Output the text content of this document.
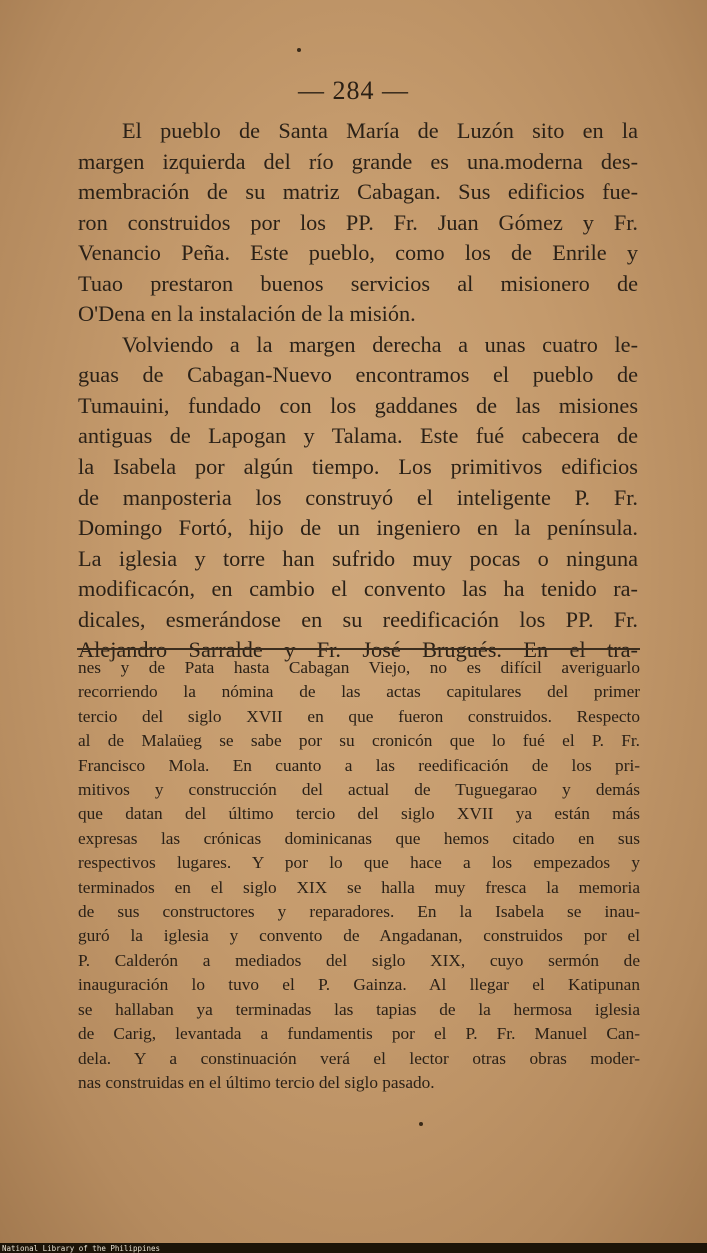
— 284 —
El pueblo de Santa María de Luzón sito en la
margen izquierda del río grande es una.moderna des-
membración de su matriz Cabagan. Sus edificios fue-
ron construidos por los PP. Fr. Juan Gómez y Fr.
Venancio Peña. Este pueblo, como los de Enrile y
Tuao prestaron buenos servicios al misionero de
O'Dena en la instalación de la misión.
Volviendo a la margen derecha a unas cuatro le-
guas de Cabagan-Nuevo encontramos el pueblo de
Tumauini, fundado con los gaddanes de las misiones
antiguas de Lapogan y Talama. Este fué cabecera de
la Isabela por algún tiempo. Los primitivos edificios
de manposteria los construyó el inteligente P. Fr.
Domingo Fortó, hijo de un ingeniero en la península.
La iglesia y torre han sufrido muy pocas o ninguna
modificacón, en cambio el convento las ha tenido ra-
dicales, esmerándose en su reedificación los PP. Fr.
Alejandro Sarralde y Fr. José Brugués. En el tra-
nes y de Pata hasta Cabagan Viejo, no es difícil averiguarlo
recorriendo la nómina de las actas capitulares del primer
tercio del siglo XVII en que fueron construidos. Respecto
al de Malaüeg se sabe por su cronicón que lo fué el P. Fr.
Francisco Mola. En cuanto a las reedificación de los pri-
mitivos y construcción del actual de Tuguegarao y demás
que datan del último tercio del siglo XVII ya están más
expresas las crónicas dominicanas que hemos citado en sus
respectivos lugares. Y por lo que hace a los empezados y
terminados en el siglo XIX se halla muy fresca la memoria
de sus constructores y reparadores. En la Isabela se inau-
guró la iglesia y convento de Angadanan, construidos por el
P. Calderón a mediados del siglo XIX, cuyo sermón de
inauguración lo tuvo el P. Gainza. Al llegar el Katipunan
se hallaban ya terminadas las tapias de la hermosa iglesia
de Carig, levantada a fundamentis por el P. Fr. Manuel Can-
dela. Y a constinuación verá el lector otras obras moder-
nas construidas en el último tercio del siglo pasado.
National Library of the Philippines
